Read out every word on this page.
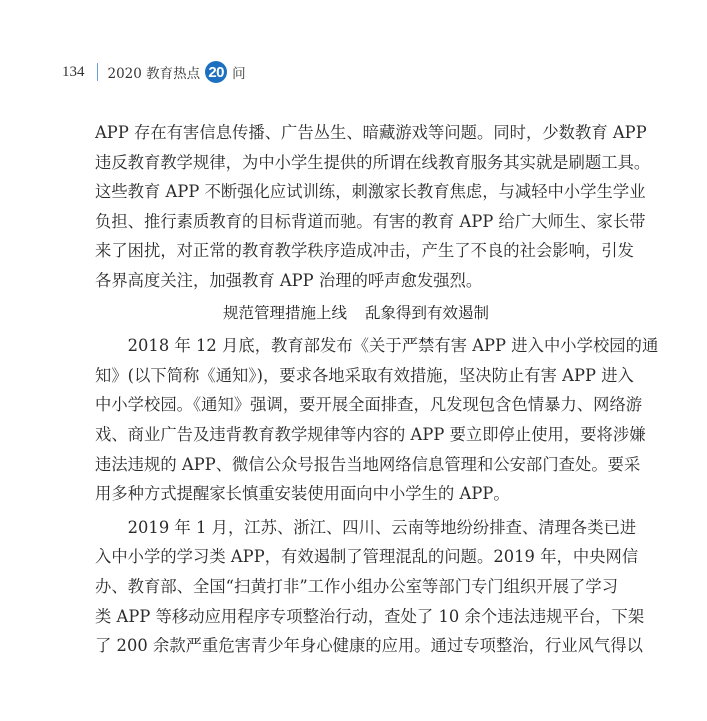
134 2020 教育热点 20 问
APP 存在有害信息传播、广告丛生、暗藏游戏等问题。同时，少数教育 APP
违反教育教学规律，为中小学生提供的所谓在线教育服务其实就是刷题工具。
这些教育 APP 不断强化应试训练，刺激家长教育焦虑，与减轻中小学生学业
负担、推行素质教育的目标背道而驰。有害的教育 APP 给广大师生、家长带
来了困扰，对正常的教育教学秩序造成冲击，产生了不良的社会影响，引发
各界高度关注，加强教育 APP 治理的呼声愈发强烈。
规范管理措施上线 乱象得到有效遏制
2018 年 12 月底，教育部发布《关于严禁有害 APP 进入中小学校园的通
知》(以下简称《通知》)，要求各地采取有效措施，坚决防止有害 APP 进入
中小学校园。《通知》强调，要开展全面排查，凡发现包含色情暴力、网络游
戏、商业广告及违背教育教学规律等内容的 APP 要立即停止使用，要将涉嫌
违法违规的 APP、微信公众号报告当地网络信息管理和公安部门查处。要采
用多种方式提醒家长慎重安装使用面向中小学生的 APP。
2019 年 1 月，江苏、浙江、四川、云南等地纷纷排查、清理各类已进
入中小学的学习类 APP，有效遏制了管理混乱的问题。2019 年，中央网信
办、教育部、全国“扫黄打非”工作小组办公室等部门专门组织开展了学习
类 APP 等移动应用程序专项整治行动，查处了 10 余个违法违规平台，下架
了 200 余款严重危害青少年身心健康的应用。通过专项整治，行业风气得以
